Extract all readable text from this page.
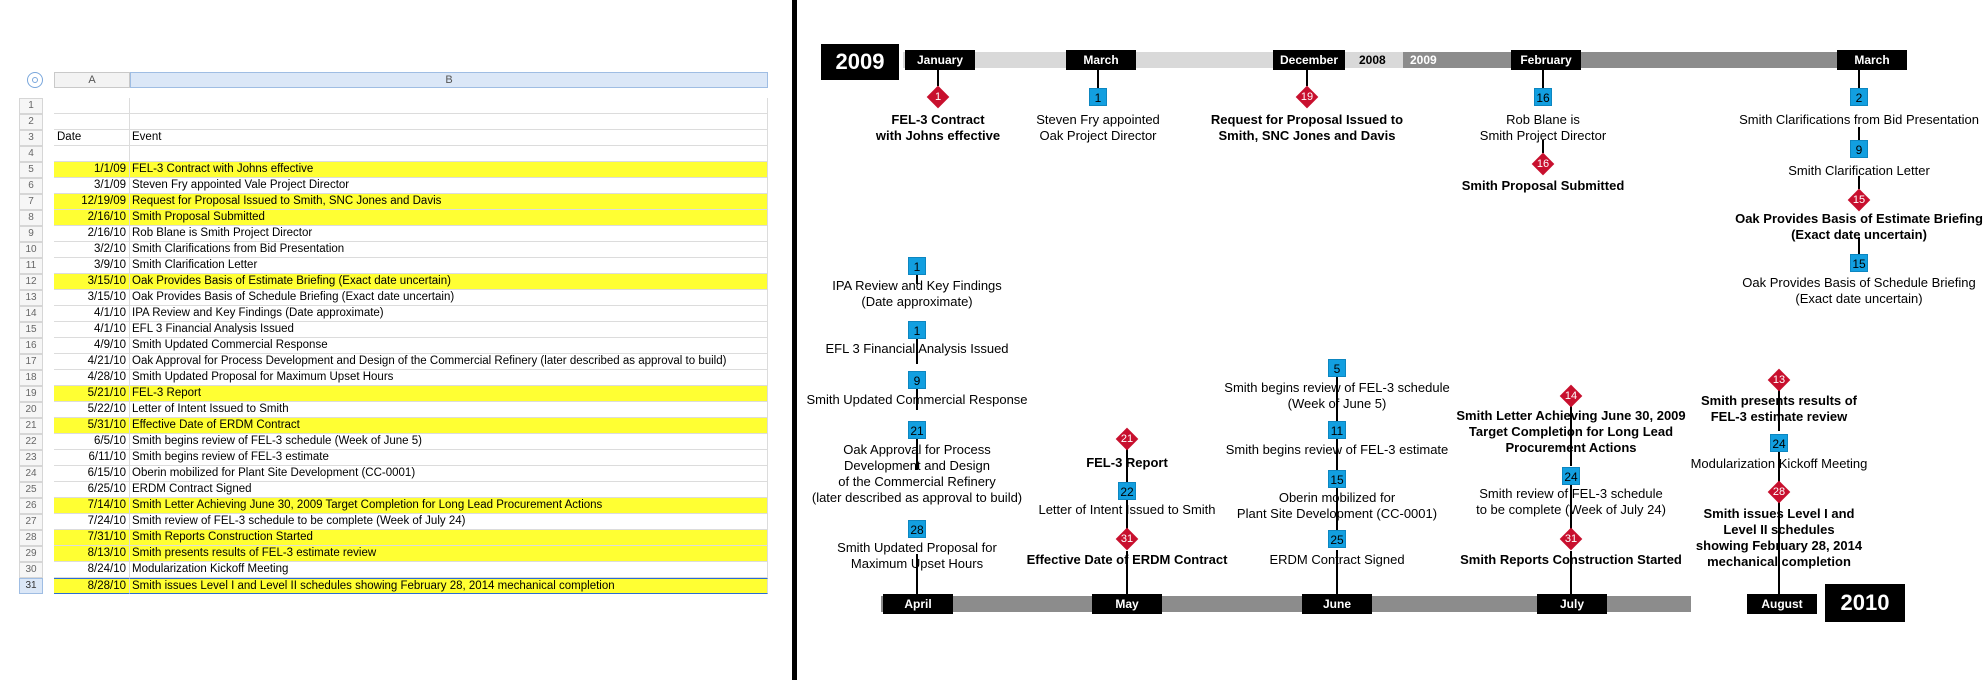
A	B
1
2
3	Date	Event
4
5	1/1/09 FEL-3 Contract with Johns effective
6	3/1/09 Steven Fry appointed Vale Project Director
7	12/19/09 Request for Proposal Issued to Smith, SNC Jones and Davis
8	2/16/10 Smith Proposal Submitted
9	2/16/10 Rob Blane is Smith Project Director
10	3/2/10 Smith Clarifications from Bid Presentation
11	3/9/10 Smith Clarification Letter
12	3/15/10 Oak Provides Basis of Estimate Briefing (Exact date uncertain)
13	3/15/10 Oak Provides Basis of Schedule Briefing (Exact date uncertain)
14	4/1/10 IPA Review and Key Findings (Date approximate)
15	4/1/10 EFL 3 Financial Analysis Issued
16	4/9/10 Smith Updated Commercial Response
17	4/21/10 Oak Approval for Process Development and Design of the Commercial Refinery (later described as approval to build)
18	4/28/10 Smith Updated Proposal for Maximum Upset Hours
19	5/21/10 FEL-3 Report
20	5/22/10 Letter of Intent Issued to Smith
21	5/31/10 Effective Date of ERDM Contract
22	6/5/10 Smith begins review of FEL-3 schedule (Week of June 5)
23	6/11/10 Smith begins review of FEL-3 estimate
24	6/15/10 Oberin mobilized for Plant Site Development (CC-0001)
25	6/25/10 ERDM Contract Signed
26	7/14/10 Smith Letter Achieving June 30, 2009 Target Completion for Long Lead Procurement Actions
27	7/24/10 Smith review of FEL-3 schedule to be complete (Week of July 24)
28	7/31/10 Smith Reports Construction Started
29	8/13/10 Smith presents results of FEL-3 estimate review
30	8/24/10 Modularization Kickoff Meeting
31	8/28/10 Smith issues Level I and Level II schedules showing February 28, 2014 mechanical completion
2009	2008 2009
January	March	December	February	March
1
FEL-3 Contract
with Johns effective
1
Steven Fry appointed
Oak Project Director
19
Request for Proposal Issued to
Smith, SNC Jones and Davis
16
Rob Blane is
Smith Project Director
16
Smith Proposal Submitted
2
Smith Clarifications from Bid Presentation
9
Smith Clarification Letter
15
Oak Provides Basis of Estimate Briefing
(Exact date uncertain)
15
Oak Provides Basis of Schedule Briefing
(Exact date uncertain)
April	May	June	July	August	2010
1
IPA Review and Key Findings
(Date approximate)
1
EFL 3 Financial Analysis Issued
9
Smith Updated Commercial Response
21
Oak Approval for Process
Development and Design
of the Commercial Refinery
(later described as approval to build)
28
Smith Updated Proposal for
Maximum Upset Hours
21
FEL-3 Report
22
Letter of Intent Issued to Smith
31
Effective Date of ERDM Contract
5
Smith begins review of FEL-3 schedule
(Week of June 5)
11
Smith begins review of FEL-3 estimate
15
Oberin mobilized for
Plant Site Development (CC-0001)
25
ERDM Contract Signed
14
Smith Letter Achieving June 30, 2009
Target Completion for Long Lead
Procurement Actions
24
Smith review of FEL-3 schedule
to be complete (Week of July 24)
31
Smith Reports Construction Started
13
Smith presents results of
FEL-3 estimate review
24
Modularization Kickoff Meeting
28
Smith issues Level I and
Level II schedules
showing February 28, 2014
mechanical completion
